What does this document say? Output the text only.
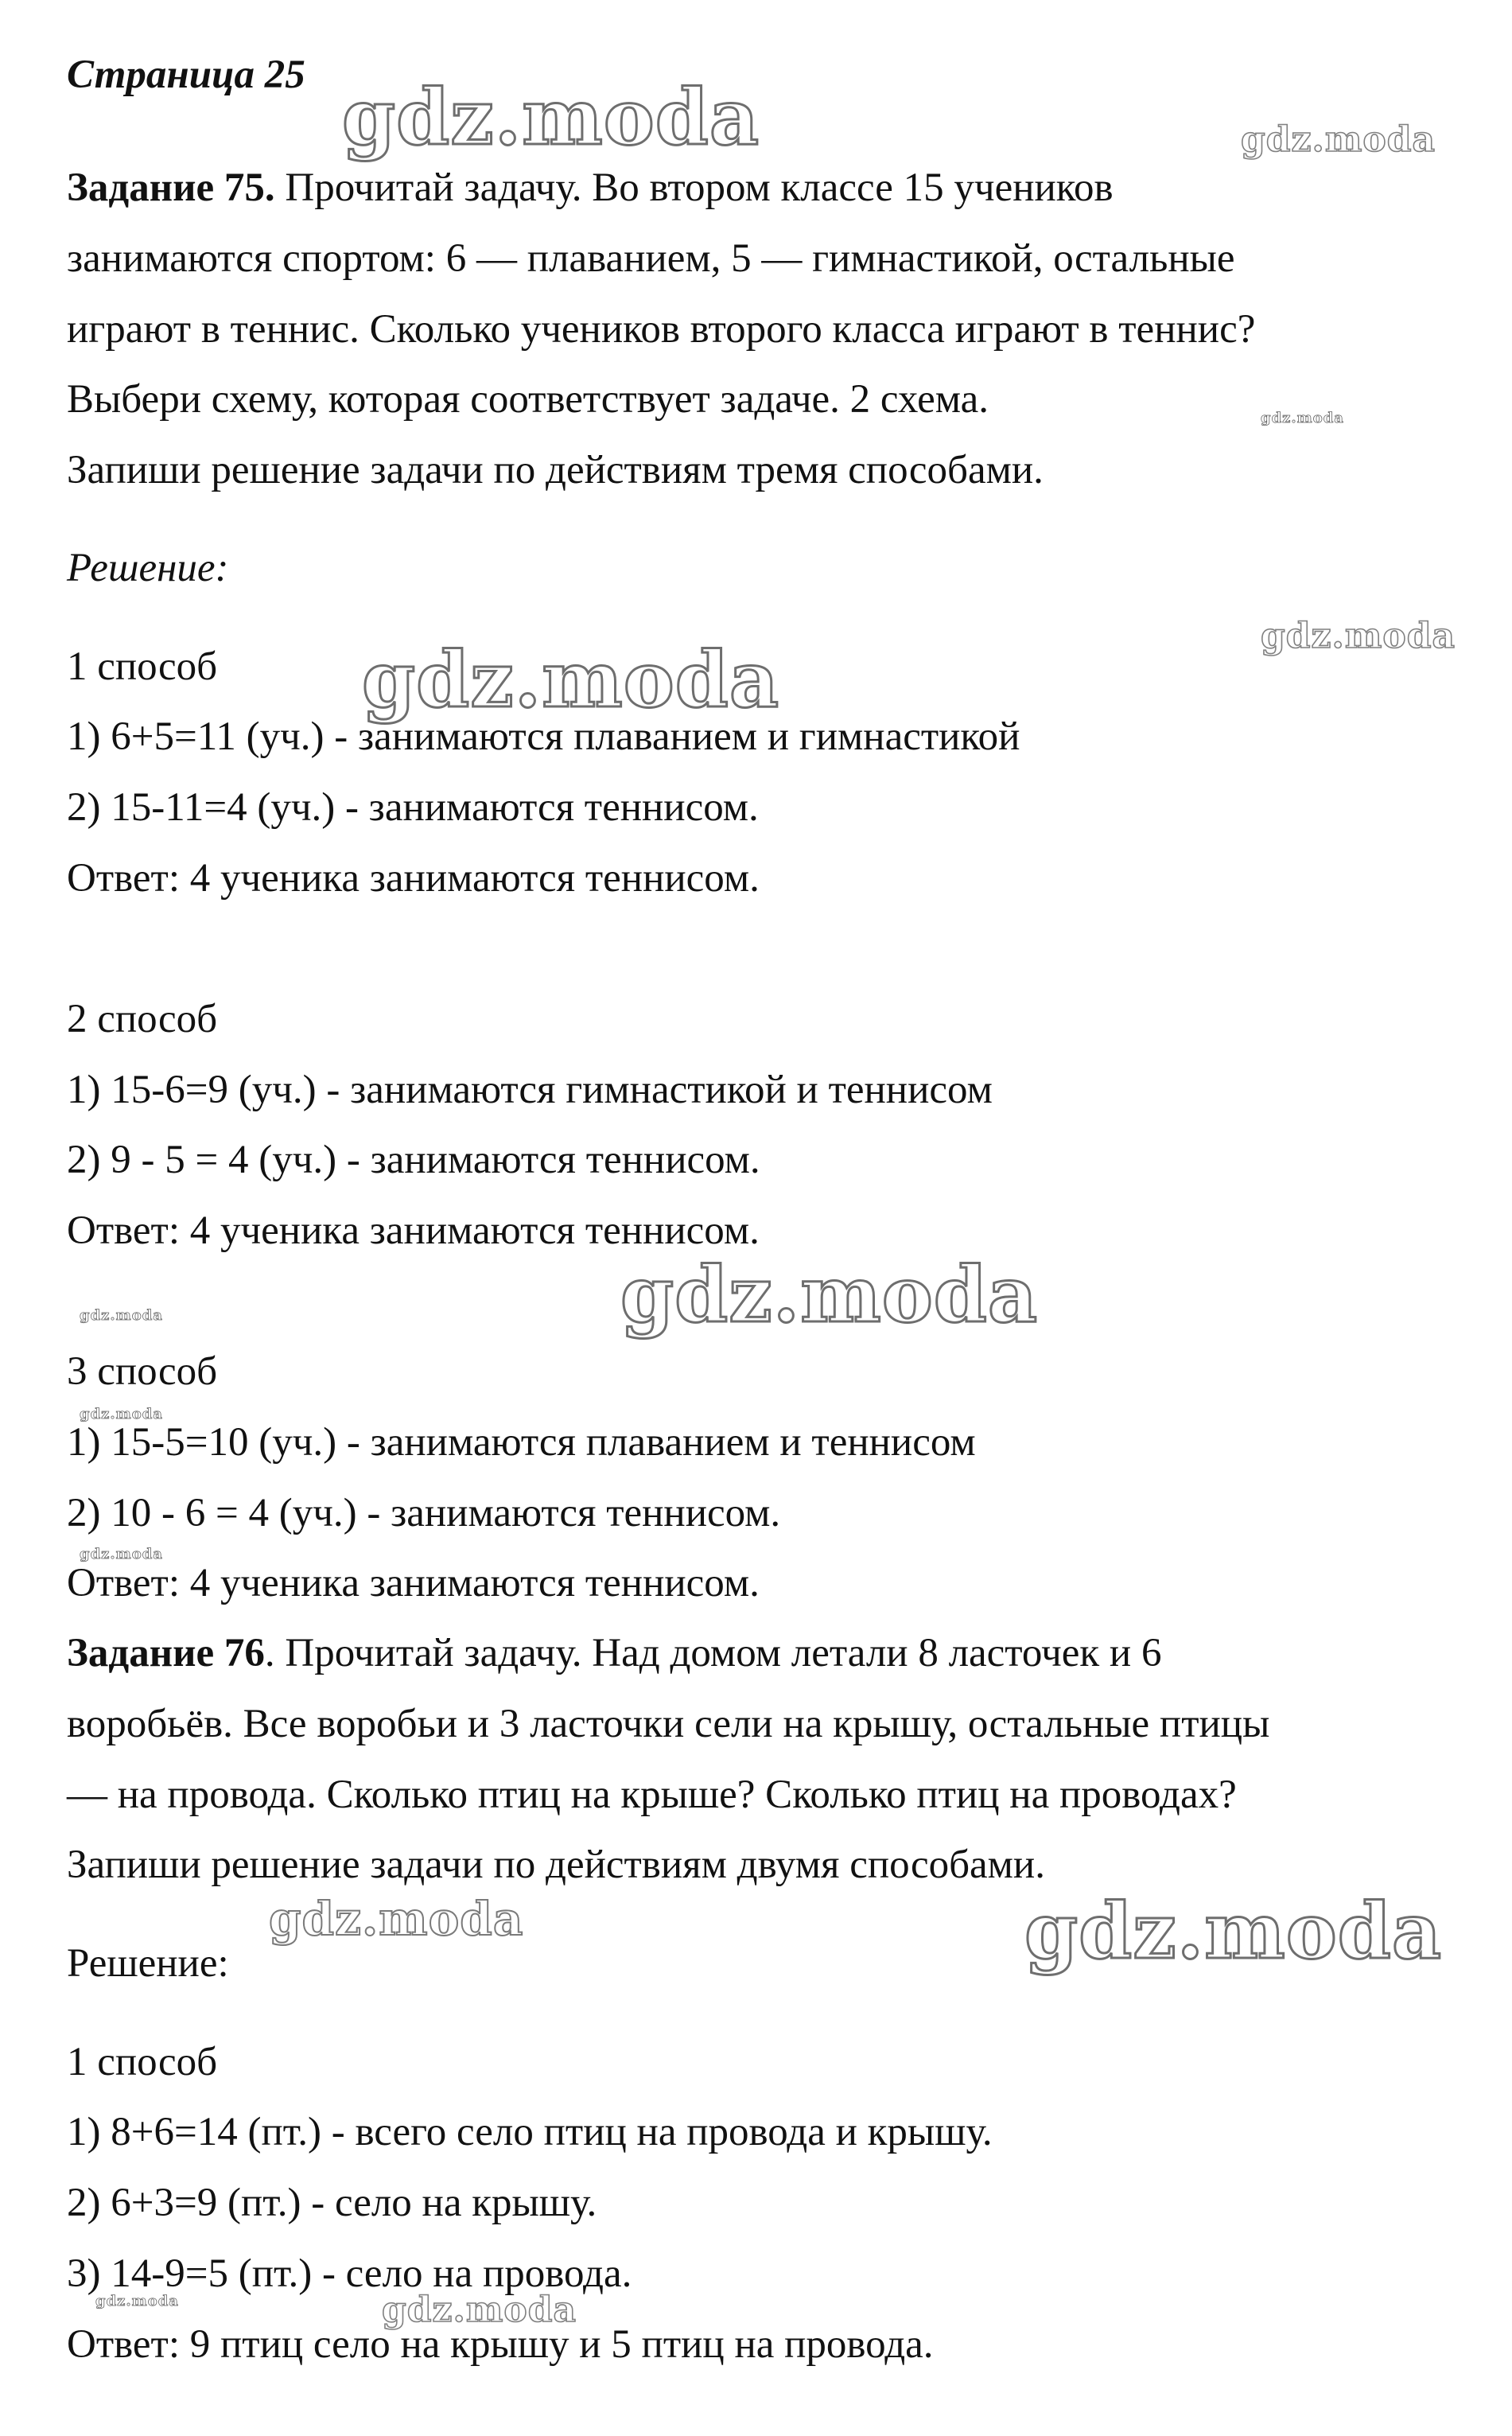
Страница 25

Задание 75. Прочитай задачу. Во втором классе 15 учеников

занимаются спортом: 6 — плаванием, 5 — гимнастикой, остальные

играют в теннис. Сколько учеников второго класса играют в теннис?

Выбери схему, которая соответствует задаче. 2 схема.

Запиши решение задачи по действиям тремя способами.

Решение:

1 способ

1) 6+5=11 (уч.) - занимаются плаванием и гимнастикой

2) 15-11=4 (уч.) - занимаются теннисом.

Ответ: 4 ученика занимаются теннисом.

2 способ

1) 15-6=9 (уч.) - занимаются гимнастикой и теннисом

2) 9 - 5 = 4 (уч.) - занимаются теннисом.

Ответ: 4 ученика занимаются теннисом.

3 способ

1) 15-5=10 (уч.) - занимаются плаванием и теннисом

2) 10 - 6 = 4 (уч.) - занимаются теннисом.

Ответ: 4 ученика занимаются теннисом.

Задание 76. Прочитай задачу. Над домом летали 8 ласточек и 6

воробьёв. Все воробьи и 3 ласточки сели на крышу, остальные птицы

— на провода. Сколько птиц на крыше? Сколько птиц на проводах?

Запиши решение задачи по действиям двумя способами.

Решение:

1 способ

1) 8+6=14 (пт.) - всего село птиц на провода и крышу.

2) 6+3=9 (пт.) - село на крышу.

3) 14-9=5 (пт.) - село на провода.

Ответ: 9 птиц село на крышу и 5 птиц на провода.

gdz.moda	gdz.moda
gdz.moda
gdz.moda
gdz.moda
gdz.moda
gdz.moda
gdz.moda
gdz.moda
gdz.moda	gdz.moda
gdz.moda
gdz.moda
